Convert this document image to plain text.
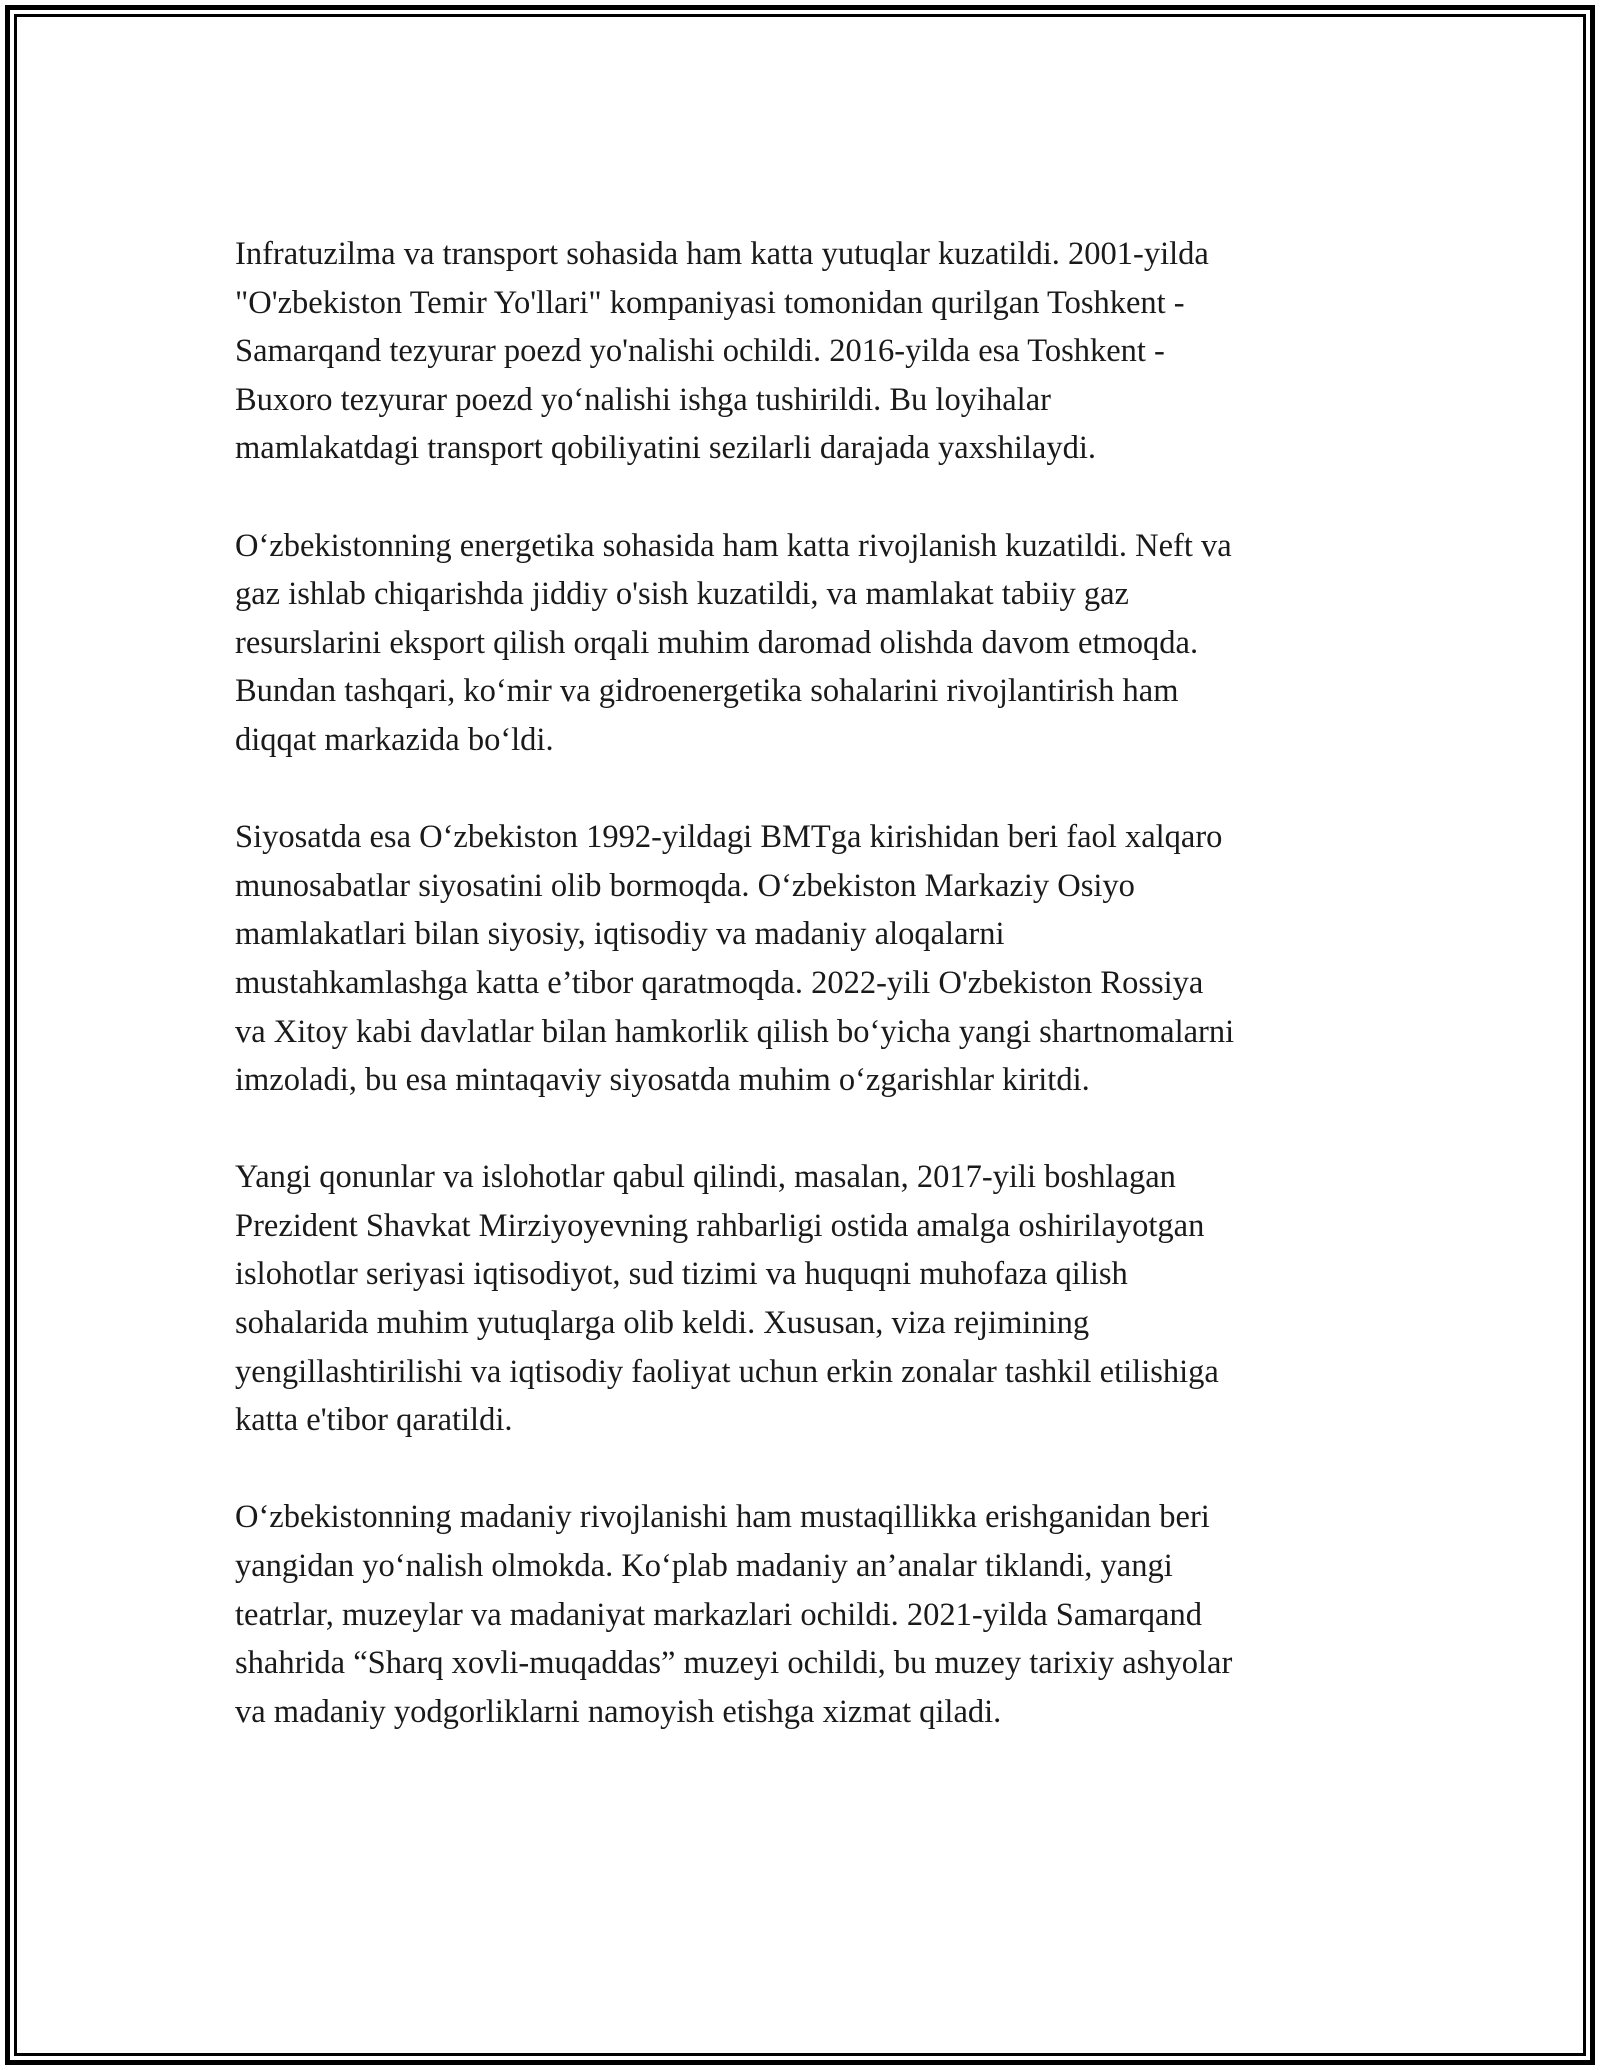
Infratuzilma va transport sohasida ham katta yutuqlar kuzatildi. 2001-yilda
"O'zbekiston Temir Yo'llari" kompaniyasi tomonidan qurilgan Toshkent -
Samarqand tezyurar poezd yo'nalishi ochildi. 2016-yilda esa Toshkent -
Buxoro tezyurar poezd yo‘nalishi ishga tushirildi. Bu loyihalar
mamlakatdagi transport qobiliyatini sezilarli darajada yaxshilaydi.

O‘zbekistonning energetika sohasida ham katta rivojlanish kuzatildi. Neft va
gaz ishlab chiqarishda jiddiy o'sish kuzatildi, va mamlakat tabiiy gaz
resurslarini eksport qilish orqali muhim daromad olishda davom etmoqda.
Bundan tashqari, ko‘mir va gidroenergetika sohalarini rivojlantirish ham
diqqat markazida bo‘ldi.

Siyosatda esa O‘zbekiston 1992-yildagi BMTga kirishidan beri faol xalqaro
munosabatlar siyosatini olib bormoqda. O‘zbekiston Markaziy Osiyo
mamlakatlari bilan siyosiy, iqtisodiy va madaniy aloqalarni
mustahkamlashga katta e’tibor qaratmoqda. 2022-yili O'zbekiston Rossiya
va Xitoy kabi davlatlar bilan hamkorlik qilish bo‘yicha yangi shartnomalarni
imzoladi, bu esa mintaqaviy siyosatda muhim o‘zgarishlar kiritdi.

Yangi qonunlar va islohotlar qabul qilindi, masalan, 2017-yili boshlagan
Prezident Shavkat Mirziyoyevning rahbarligi ostida amalga oshirilayotgan
islohotlar seriyasi iqtisodiyot, sud tizimi va huquqni muhofaza qilish
sohalarida muhim yutuqlarga olib keldi. Xususan, viza rejimining
yengillashtirilishi va iqtisodiy faoliyat uchun erkin zonalar tashkil etilishiga
katta e'tibor qaratildi.

O‘zbekistonning madaniy rivojlanishi ham mustaqillikka erishganidan beri
yangidan yo‘nalish olmokda. Ko‘plab madaniy an’analar tiklandi, yangi
teatrlar, muzeylar va madaniyat markazlari ochildi. 2021-yilda Samarqand
shahrida “Sharq xovli-muqaddas” muzeyi ochildi, bu muzey tarixiy ashyolar
va madaniy yodgorliklarni namoyish etishga xizmat qiladi.
